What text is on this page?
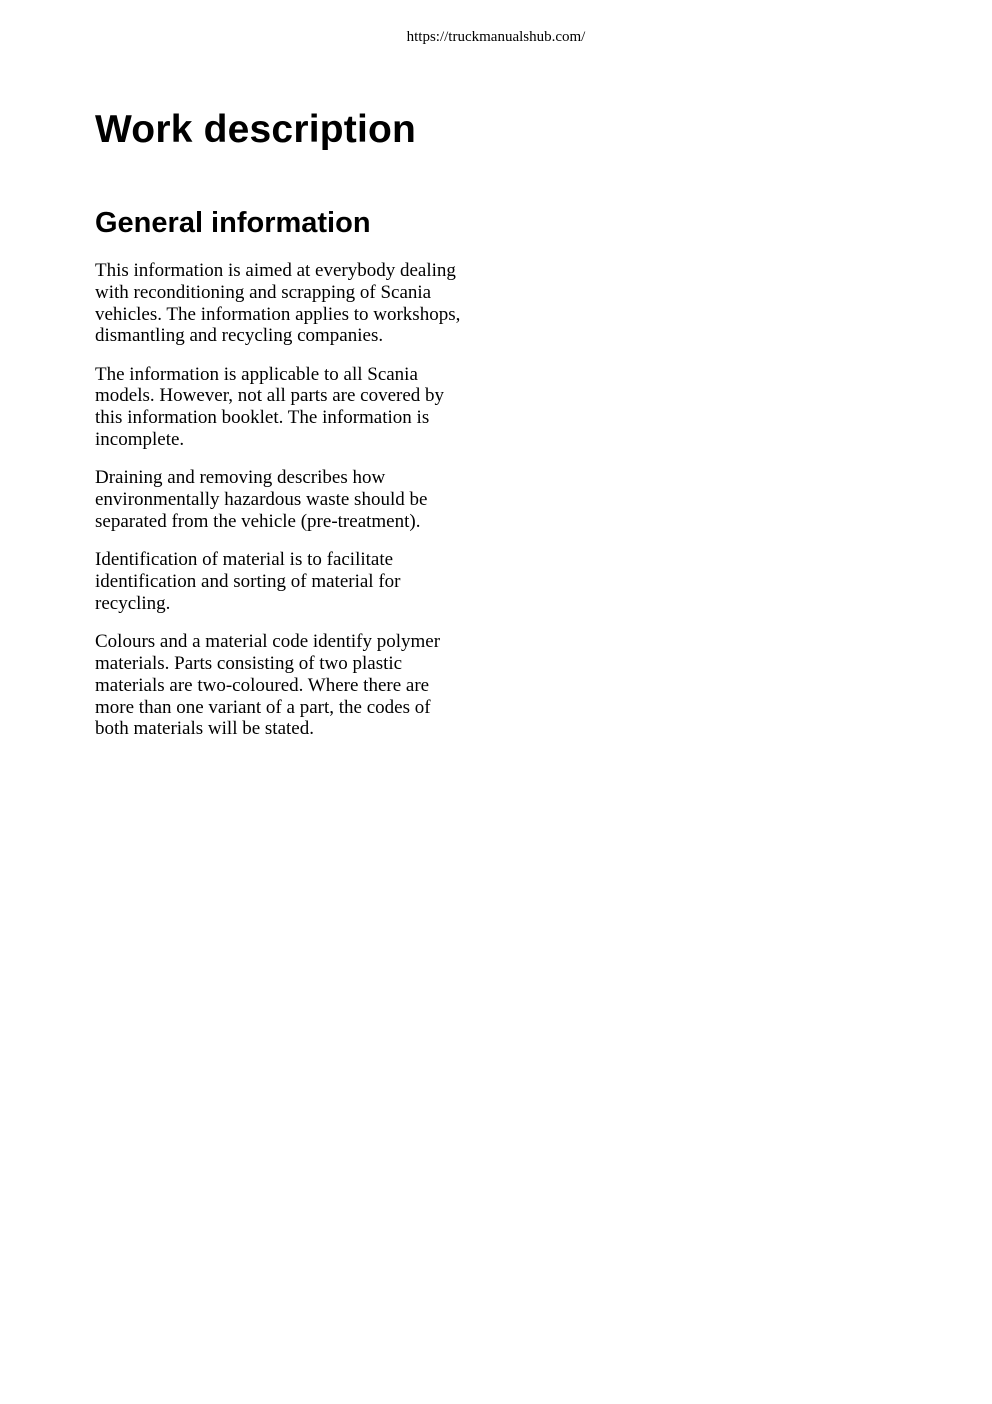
https://truckmanualshub.com/
Work description
General information

This information is aimed at everybody dealing
with reconditioning and scrapping of Scania
vehicles. The information applies to workshops,
dismantling and recycling companies.

The information is applicable to all Scania
models. However, not all parts are covered by
this information booklet. The information is
incomplete.

Draining and removing describes how
environmentally hazardous waste should be
separated from the vehicle (pre-treatment).

Identification of material is to facilitate
identification and sorting of material for
recycling.

Colours and a material code identify polymer
materials. Parts consisting of two plastic
materials are two-coloured. Where there are
more than one variant of a part, the codes of
both materials will be stated.
